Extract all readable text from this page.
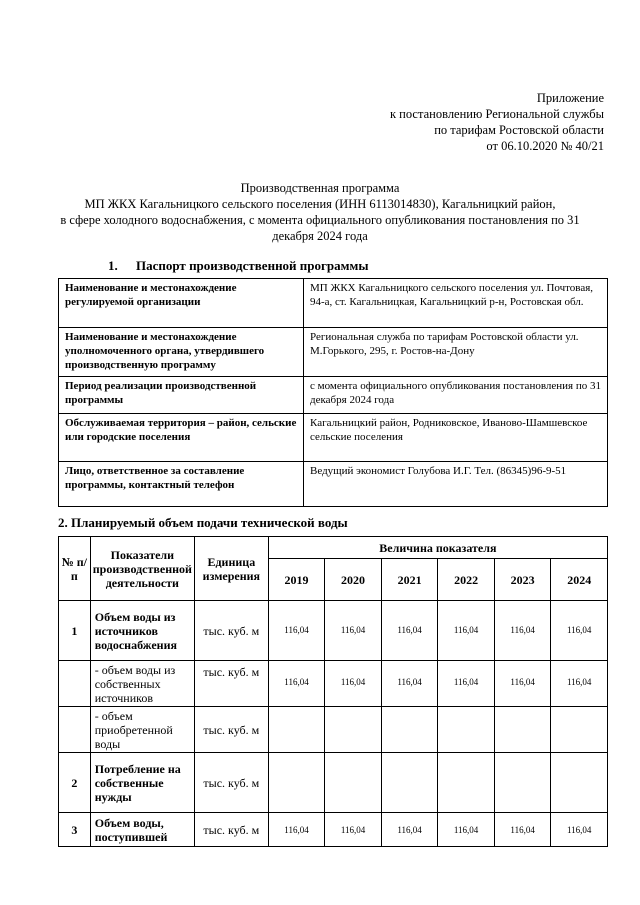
Приложение
к постановлению Региональной службы
по тарифам Ростовской области
от 06.10.2020 № 40/21
Производственная программа
МП ЖКХ Кагальницкого сельского поселения (ИНН 6113014830), Кагальницкий район,
в сфере холодного водоснабжения, с момента официального опубликования постановления по 31
декабря 2024 года
1. Паспорт производственной программы
Наименование и местонахождение регулируемой организации	МП ЖКХ Кагальницкого сельского поселения ул. Почтовая, 94-а, ст. Кагальницкая, Кагальницкий р-н, Ростовская обл.
Наименование и местонахождение уполномоченного органа, утвердившего производственную программу	Региональная служба по тарифам Ростовской области ул. М.Горького, 295, г. Ростов-на-Дону
Период реализации производственной программы	с момента официального опубликования постановления по 31 декабря 2024 года
Обслуживаемая территория – район, сельские или городские поселения	Кагальницкий район, Родниковское, Иваново-Шамшевское сельские поселения
Лицо, ответственное за составление программы, контактный телефон	Ведущий экономист Голубова И.Г. Тел. (86345)96-9-51
2. Планируемый объем подачи технической воды
№ п/п	Показатели производственной деятельности	Единица измерения	Величина показателя					
			2019	2020	2021	2022	2023	2024
1	Объем воды из источников водоснабжения	тыс. куб. м	116,04	116,04	116,04	116,04	116,04	116,04
	- объем воды из собственных источников	тыс. куб. м	116,04	116,04	116,04	116,04	116,04	116,04
	- объем приобретенной воды	тыс. куб. м						
2	Потребление на собственные нужды	тыс. куб. м						
3	Объем воды, поступившей	тыс. куб. м	116,04	116,04	116,04	116,04	116,04	116,04
